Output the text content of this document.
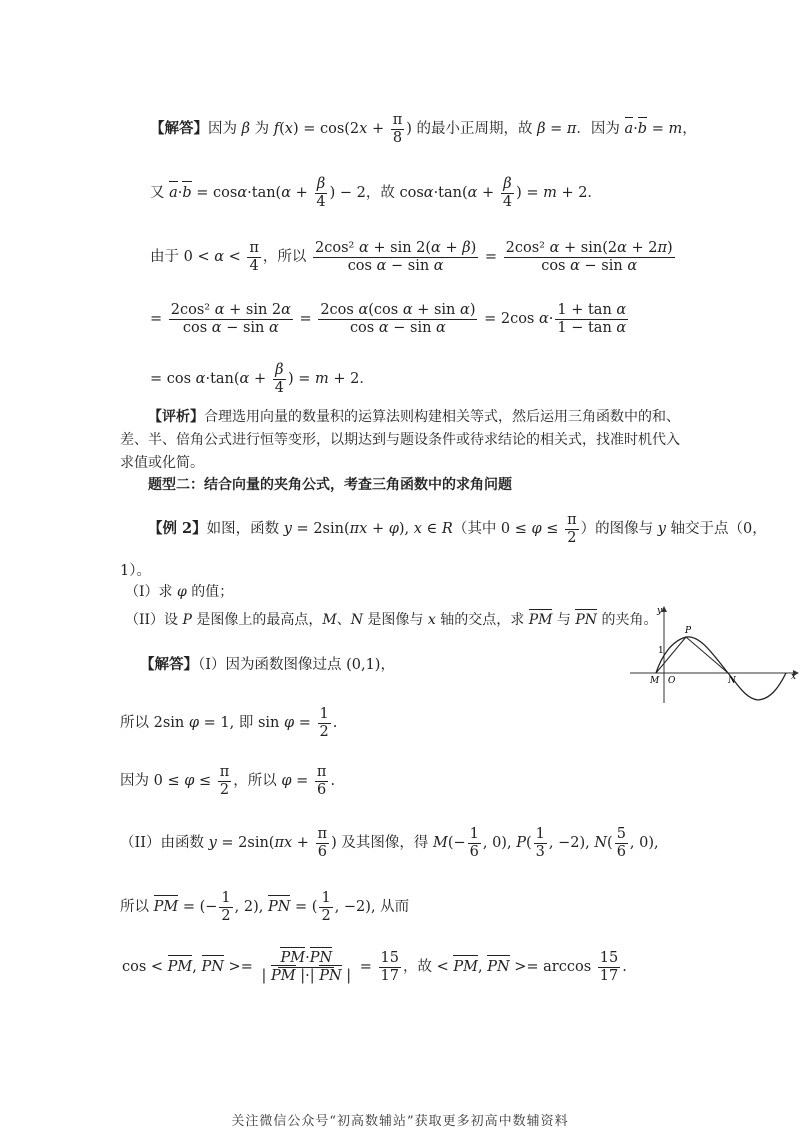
【解答】因为 β 为 $f(x) = \cos(2x + \frac{\pi}{8}$ ) 的最小正周期，故 β = π．因为 a·b = m，
又 $a\cdot b = \cos\alpha\cdot\tan(\alpha + \frac{\beta}{4}$ ) − 2，故 $\cos\alpha\cdot\tan(\alpha + \frac{\beta}{4}$ ) = m + 2．
由于 $0 < \alpha < \frac{\pi}{4}$ ，所以 $\frac{\text{2cos² α + sin 2(α + β)}}{\text{cos α − sin α}} = \frac{\text{2cos² α + sin(2α + 2π)}}{\text{cos α − sin α}}$
= $\frac{\text{2cos² α + sin 2α}}{\text{cos α − sin α}} = \frac{\text{2cos α(cos α + sin α)}}{\text{cos α − sin α}} = 2\cos$ $\alpha\cdot \frac{\text{1 + tan α}}{\text{1 − tan α}}$
= $\cos \alpha\cdot\tan(\alpha + \frac{\beta}{4}$ ) = m + 2．
【评析】合理选用向量的数量积的运算法则构建相关等式，然后运用三角函数中的和、差、半、倍角公式进行恒等变形，以期达到与题设条件或待求结论的相关式，找准时机代入求值或化简。
题型二：结合向量的夹角公式，考查三角函数中的求角问题
【例 2】如图，函数 y = 2sin(πx + φ), x ∈ R（其中 $0 \le \varphi \le \frac{\pi}{2}$ ）的图像与 y 轴交于点（0，
1）。
（I）求 φ 的值；
（II）设 P 是图像上的最高点，M、N 是图像与 x 轴的交点，求 PM 与 PN 的夹角。
【解答】（I）因为函数图像过点 (0,1)，
所以 2sin φ = 1, 即 $\sin \varphi = \frac{1}{2}$ .
因为 $0 \le \varphi \le \frac{\pi}{2}$ ，所以 $\varphi = \frac{\pi}{6}$ .
（II）由函数 $y = 2\sin(\pi x + \frac{\pi}{6}$ ) 及其图像，得 $M(- \frac{1}{6}$ , 0), $P( \frac{1}{3}$ , −2), $N( \frac{5}{6}$ , 0),
所以 PM = (− $\frac{1}{2}$ , 2), PN = ( $\frac{1}{2}$ , −2), 从而
cos < PM, PN >= $\frac{PM\cdot PN}{| PM |\cdot| PN |} = \frac{15}{17}$ ，故 < PM, PN >= $\arccos \frac{15}{17}$ .
y
x
P
M O	N
1
关注微信公众号“初高数辅站”获取更多初高中数辅资料
